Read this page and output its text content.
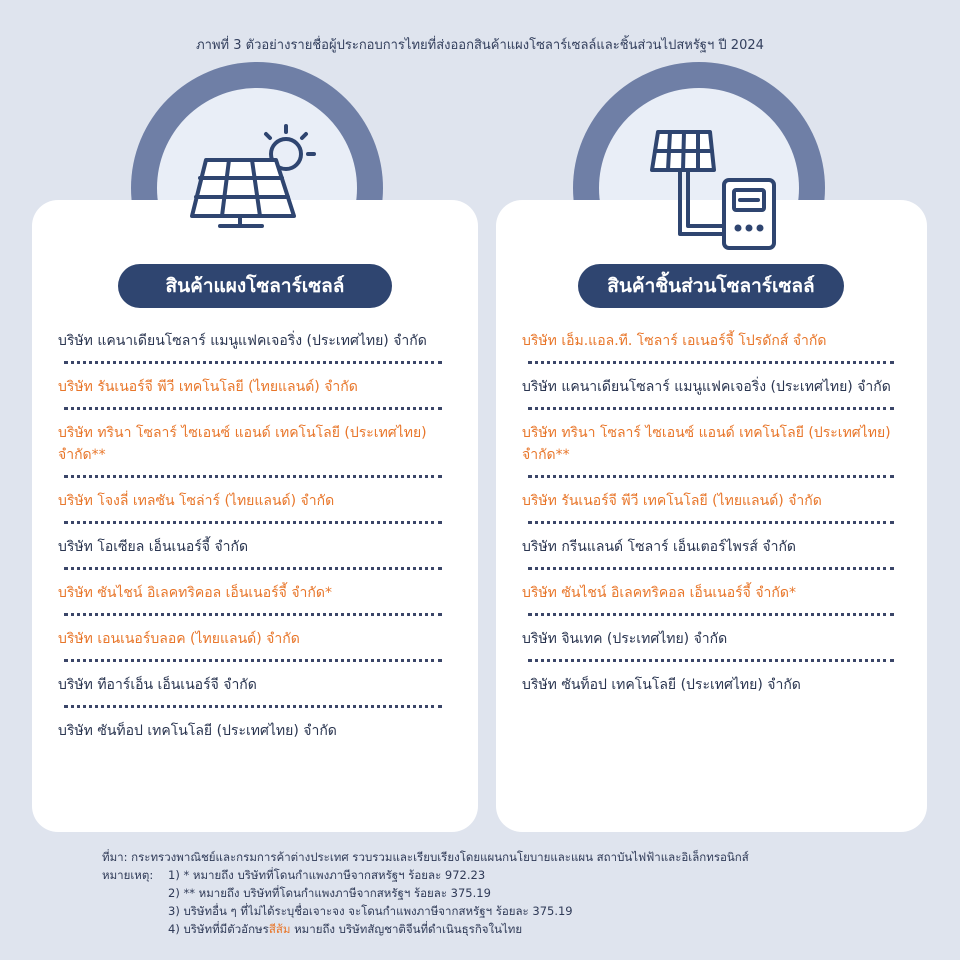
ภาพที่ 3 ตัวอย่างรายชื่อผู้ประกอบการไทยที่ส่งออกสินค้าแผงโซลาร์เซลล์และชิ้นส่วนไปสหรัฐฯ ปี 2024
สินค้าแผงโซลาร์เซลล์
บริษัท แคนาเดียนโซลาร์ แมนูแฟคเจอริ่ง (ประเทศไทย) จำกัด
บริษัท รันเนอร์จี พีวี เทคโนโลยี (ไทยแลนด์) จำกัด
บริษัท ทรินา โซลาร์ ไซเอนซ์ แอนด์ เทคโนโลยี (ประเทศไทย) จำกัด**
บริษัท โจงลี่ เทลซัน โซล่าร์ (ไทยแลนด์) จำกัด
บริษัท โอเซียล เอ็นเนอร์จี้ จำกัด
บริษัท ซันไชน์ อิเลคทริคอล เอ็นเนอร์จี้ จำกัด*
บริษัท เอนเนอร์บลอค (ไทยแลนด์) จำกัด
บริษัท ทีอาร์เอ็น เอ็นเนอร์จี จำกัด
บริษัท ซันท็อป เทคโนโลยี (ประเทศไทย) จำกัด
สินค้าชิ้นส่วนโซลาร์เซลล์
บริษัท เอ็ม.แอล.ที. โซลาร์ เอเนอร์จี้ โปรดักส์ จำกัด
บริษัท แคนาเดียนโซลาร์ แมนูแฟคเจอริ่ง (ประเทศไทย) จำกัด
บริษัท ทรินา โซลาร์ ไซเอนซ์ แอนด์ เทคโนโลยี (ประเทศไทย) จำกัด**
บริษัท รันเนอร์จี พีวี เทคโนโลยี (ไทยแลนด์) จำกัด
บริษัท กรีนแลนด์ โซลาร์ เอ็นเตอร์ไพรส์ จำกัด
บริษัท ซันไชน์ อิเลคทริคอล เอ็นเนอร์จี้ จำกัด*
บริษัท จินเทค (ประเทศไทย) จำกัด
บริษัท ซันท็อป เทคโนโลยี (ประเทศไทย) จำกัด
ที่มา: กระทรวงพาณิชย์และกรมการค้าต่างประเทศ รวบรวมและเรียบเรียงโดยแผนกนโยบายและแผน สถาบันไฟฟ้าและอิเล็กทรอนิกส์
หมายเหตุ:	1) * หมายถึง บริษัทที่โดนกำแพงภาษีจากสหรัฐฯ ร้อยละ 972.23
2) ** หมายถึง บริษัทที่โดนกำแพงภาษีจากสหรัฐฯ ร้อยละ 375.19
3) บริษัทอื่น ๆ ที่ไม่ได้ระบุชื่อเจาะจง จะโดนกำแพงภาษีจากสหรัฐฯ ร้อยละ 375.19
4) บริษัทที่มีตัวอักษรสีส้ม หมายถึง บริษัทสัญชาติจีนที่ดำเนินธุรกิจในไทย
